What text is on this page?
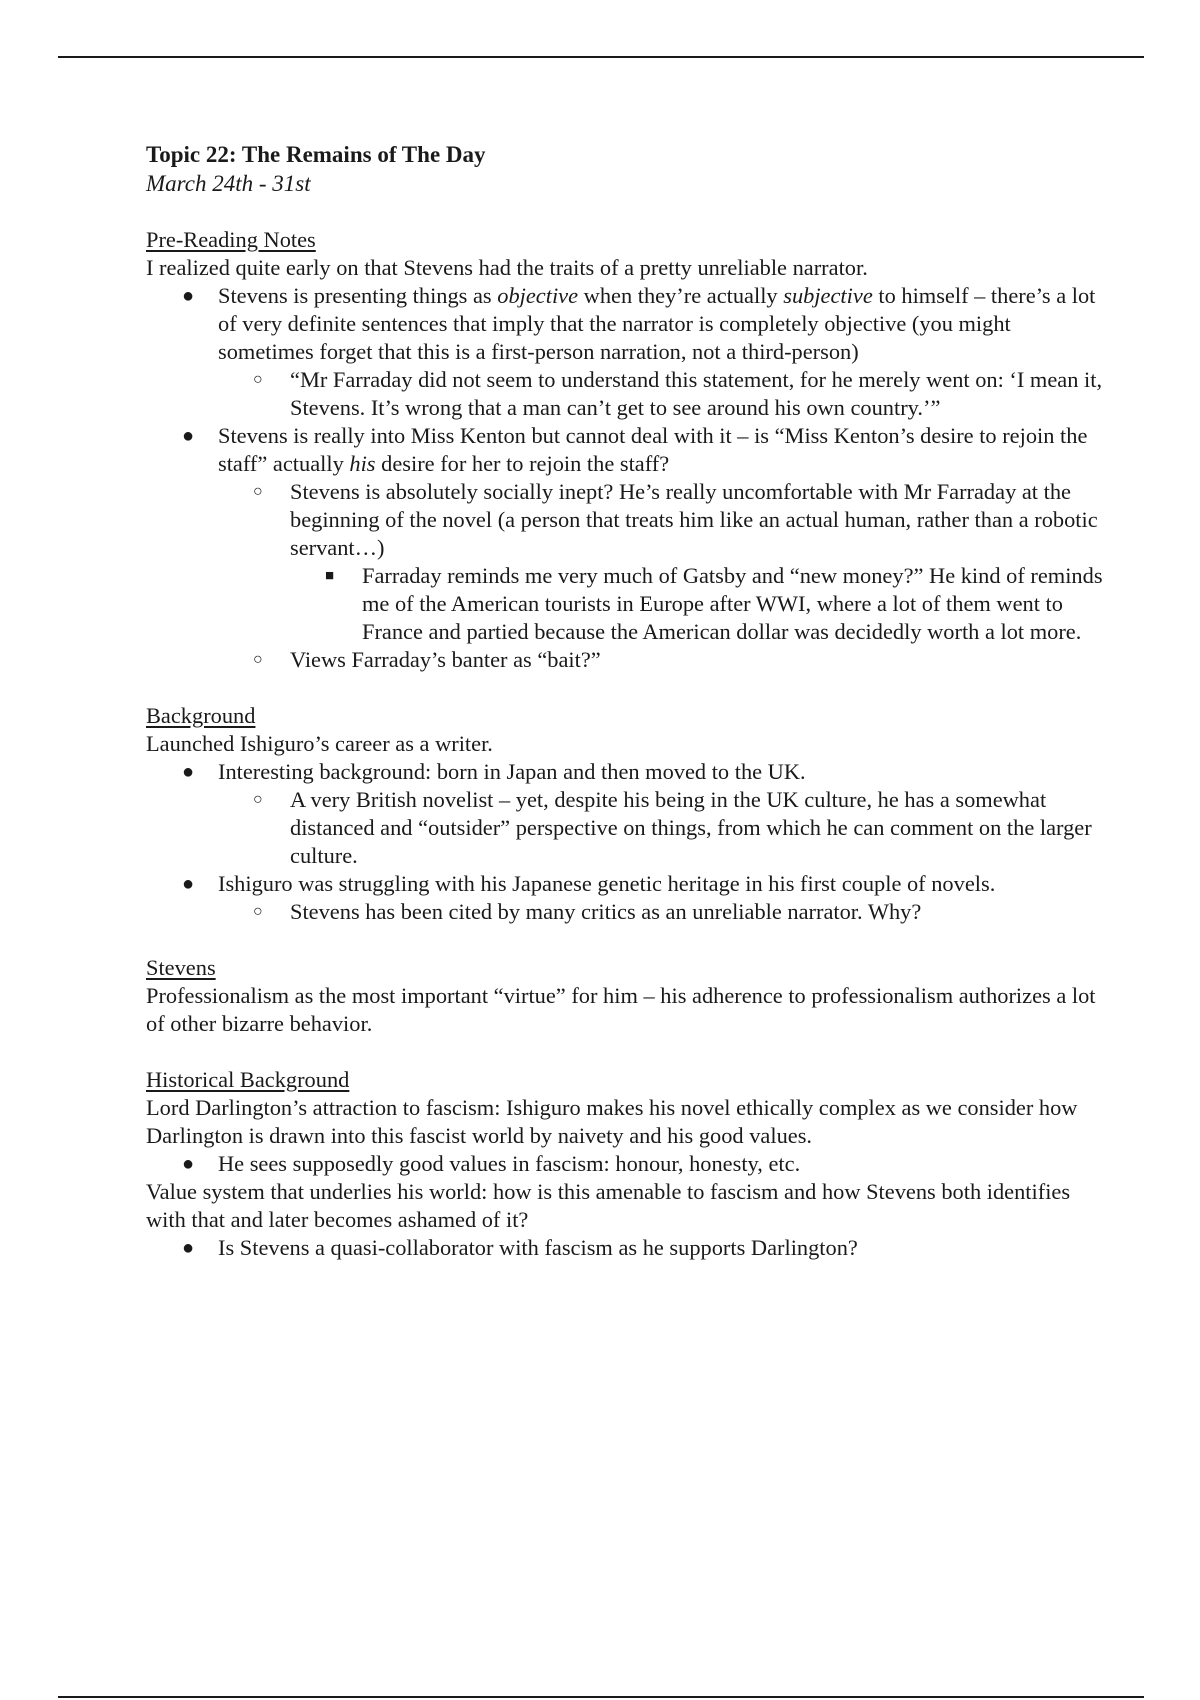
Topic 22: The Remains of The Day

March 24th - 31st

Pre-Reading Notes

I realized quite early on that Stevens had the traits of a pretty unreliable narrator.

● Stevens is presenting things as objective when they’re actually subjective to himself – there’s a lot of very definite sentences that imply that the narrator is completely objective (you might sometimes forget that this is a first-person narration, not a third-person)
○ “Mr Farraday did not seem to understand this statement, for he merely went on: ‘I mean it, Stevens. It’s wrong that a man can’t get to see around his own country.’”
● Stevens is really into Miss Kenton but cannot deal with it – is “Miss Kenton’s desire to rejoin the staff” actually his desire for her to rejoin the staff?
○ Stevens is absolutely socially inept? He’s really uncomfortable with Mr Farraday at the beginning of the novel (a person that treats him like an actual human, rather than a robotic servant…)
■ Farraday reminds me very much of Gatsby and “new money?” He kind of reminds me of the American tourists in Europe after WWI, where a lot of them went to France and partied because the American dollar was decidedly worth a lot more.
○ Views Farraday’s banter as “bait?”

Background

Launched Ishiguro’s career as a writer.

● Interesting background: born in Japan and then moved to the UK.
○ A very British novelist – yet, despite his being in the UK culture, he has a somewhat distanced and “outsider” perspective on things, from which he can comment on the larger culture.
● Ishiguro was struggling with his Japanese genetic heritage in his first couple of novels.
○ Stevens has been cited by many critics as an unreliable narrator. Why?

Stevens

Professionalism as the most important “virtue” for him – his adherence to professionalism authorizes a lot of other bizarre behavior.

Historical Background

Lord Darlington’s attraction to fascism: Ishiguro makes his novel ethically complex as we consider how Darlington is drawn into this fascist world by naivety and his good values.

● He sees supposedly good values in fascism: honour, honesty, etc.

Value system that underlies his world: how is this amenable to fascism and how Stevens both identifies with that and later becomes ashamed of it?

● Is Stevens a quasi-collaborator with fascism as he supports Darlington?
